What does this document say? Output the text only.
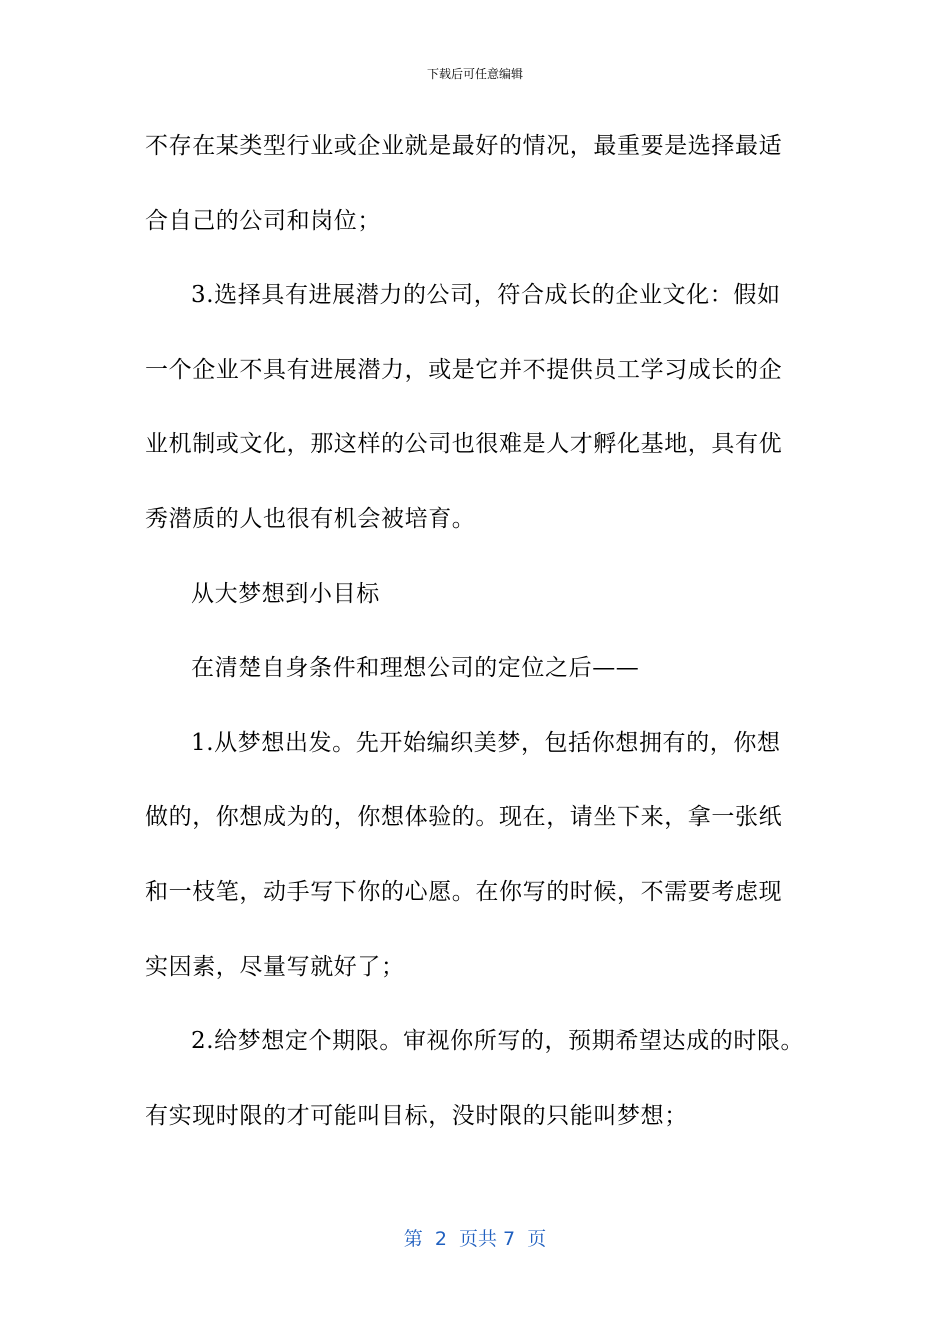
下载后可任意编辑
不存在某类型行业或企业就是最好的情况，最重要是选择最适
合自己的公司和岗位；
3.选择具有进展潜力的公司，符合成长的企业文化：假如
一个企业不具有进展潜力，或是它并不提供员工学习成长的企
业机制或文化，那这样的公司也很难是人才孵化基地，具有优
秀潜质的人也很有机会被培育。
从大梦想到小目标
在清楚自身条件和理想公司的定位之后——
1.从梦想出发。先开始编织美梦，包括你想拥有的，你想
做的，你想成为的，你想体验的。现在，请坐下来，拿一张纸
和一枝笔，动手写下你的心愿。在你写的时候，不需要考虑现
实因素，尽量写就好了；
2.给梦想定个期限。审视你所写的，预期希望达成的时限。
有实现时限的才可能叫目标，没时限的只能叫梦想；
第  2  页共 7  页
